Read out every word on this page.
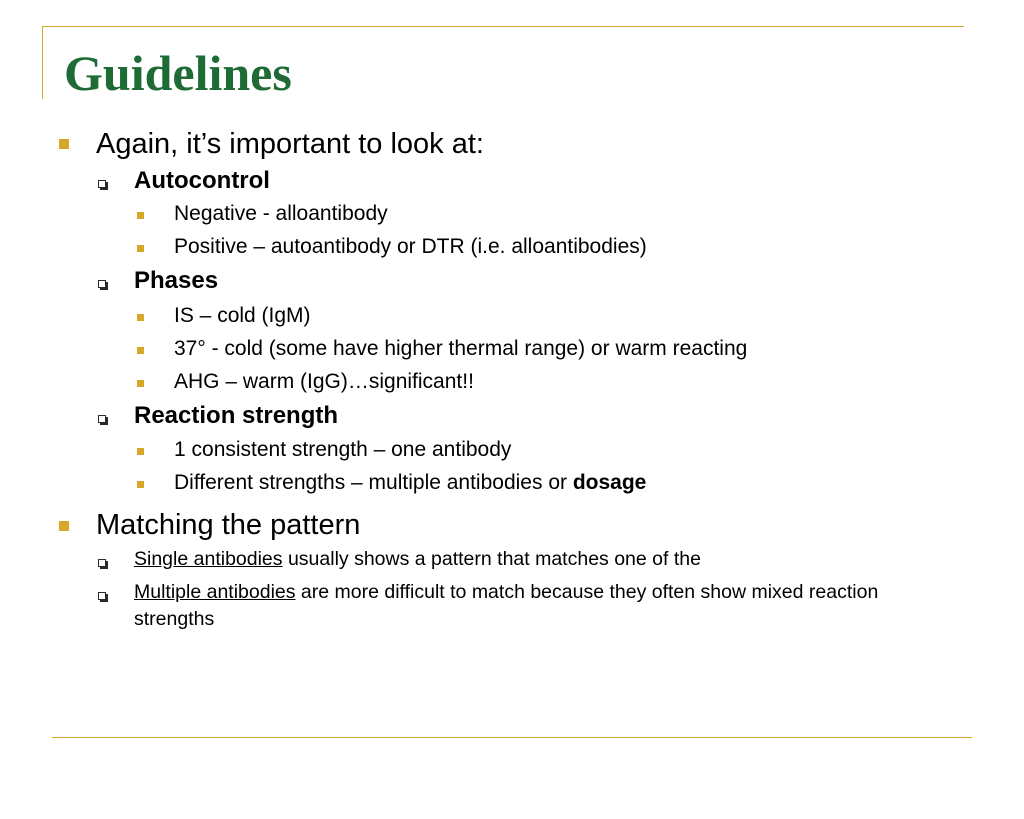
Guidelines
Again, it’s important to look at:
Autocontrol
Negative - alloantibody
Positive – autoantibody or DTR (i.e. alloantibodies)
Phases
IS – cold (IgM)
37° - cold (some have higher thermal range) or warm reacting
AHG – warm (IgG)…significant!!
Reaction strength
1 consistent strength – one antibody
Different strengths – multiple antibodies or dosage
Matching the pattern
Single antibodies usually shows a pattern that matches one of the
Multiple antibodies are more difficult to match because they often show mixed reaction strengths
